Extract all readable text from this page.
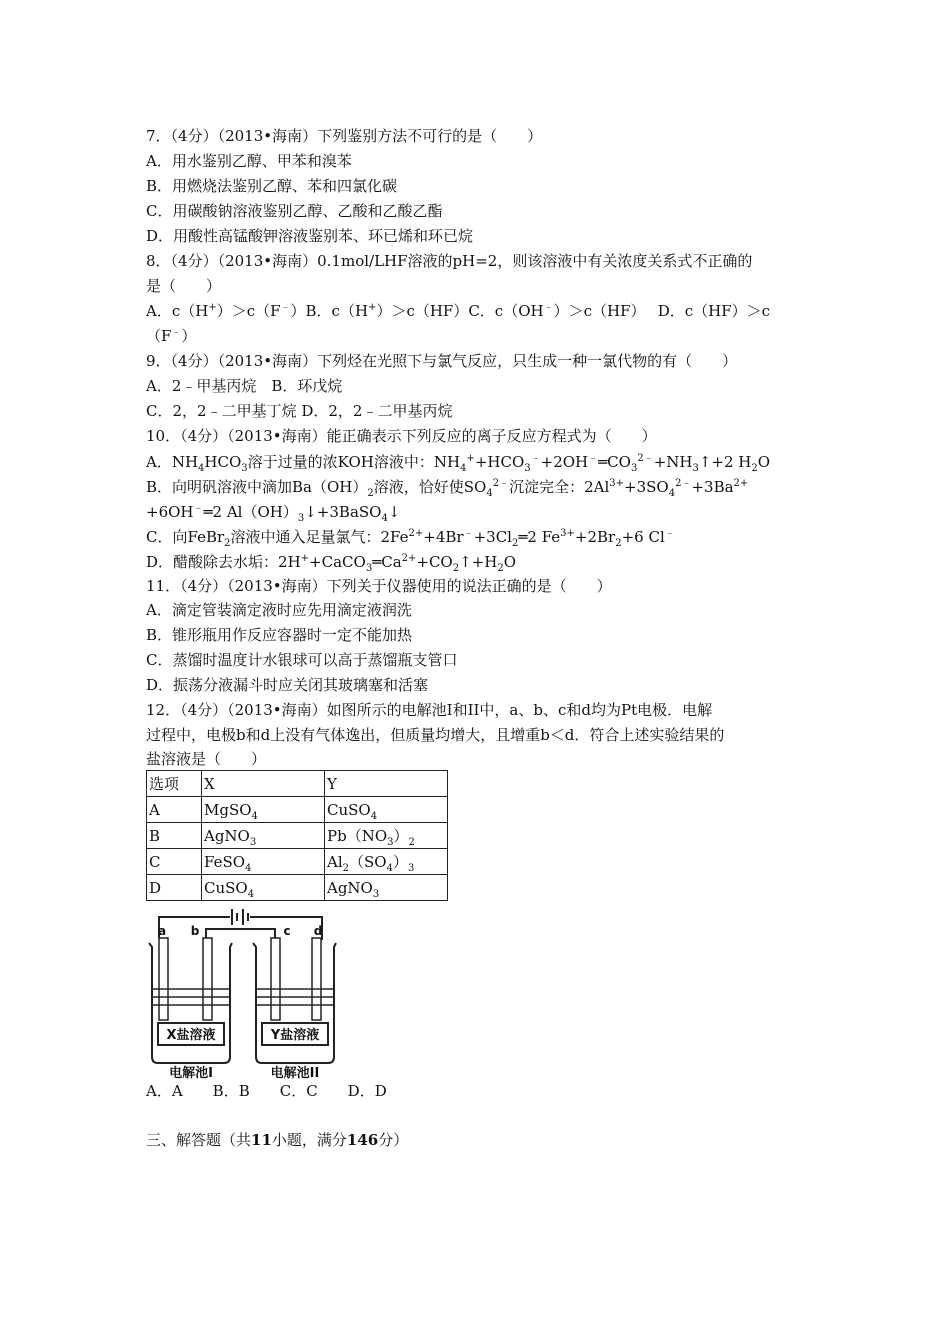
7．（4分）（2013•海南）下列鉴别方法不可行的是（　　）
A．用水鉴别乙醇、甲苯和溴苯
B．用燃烧法鉴别乙醇、苯和四氯化碳
C．用碳酸钠溶液鉴别乙醇、乙酸和乙酸乙酯
D．用酸性高锰酸钾溶液鉴别苯、环已烯和环已烷
8．（4分）（2013•海南）0.1mol/LHF溶液的pH=2，则该溶液中有关浓度关系式不正确的
是（　　）
A．c（H+）＞c（F﹣）B．c（H+）＞c（HF）C．c（OH﹣）＞c（HF）　 D．c（HF）＞c
（F﹣）
9．（4分）（2013•海南）下列烃在光照下与氯气反应，只生成一种一氯代物的有（　　）
A．2﹣甲基丙烷　B．环戊烷
C．2，2﹣二甲基丁烷 D．2，2﹣二甲基丙烷
10．（4分）（2013•海南）能正确表示下列反应的离子反应方程式为（　　）
A．$NH_4HCO_3$溶于过量的浓KOH溶液中：$NH_4^++HCO_3^﹣+2OH^﹣═CO_3^{2﹣}+NH_3↑+2$ $H_2O$
B．向明矾溶液中滴加$Ba(OH)_2$溶液，恰好使$SO_4^{2﹣}$沉淀完全：$2Al^{3+}+3SO_4^{2﹣}+3Ba^{2+}$
+6OH﹣═2 $Al(OH)_3↓+3BaSO_4↓$
C．向FeBr$_2$溶液中通入足量氯气：$2Fe^{2+}+4Br^﹣+3Cl_2═2$ $Fe^{3+}+2Br_2+6$ Cl﹣
D．醋酸除去水垢：$2H^++CaCO_3═Ca^{2+}+CO_2↑+H_2O$
11．（4分）（2013•海南）下列关于仪器使用的说法正确的是（　　）
A．滴定管装滴定液时应先用滴定液润洗
B．锥形瓶用作反应容器时一定不能加热
C．蒸馏时温度计水银球可以高于蒸馏瓶支管口
D．振荡分液漏斗时应关闭其玻璃塞和活塞
12．（4分）（2013•海南）如图所示的电解池I和II中，a、b、c和d均为Pt电极．电解
过程中，电极b和d上没有气体逸出，但质量均增大，且增重b＜d．符合上述实验结果的
盐溶液是（　　）
选项	X	Y
A	MgSO$_4$	CuSO$_4$
B	AgNO$_3$	$Pb(NO_3)_2$
C	FeSO$_4$	$Al_2(SO_4)_3$
D	CuSO$_4$	AgNO$_3$
a b	c d
X盐溶液	Y盐溶液
电解池I	电解池II
A．A　　B．B　　C．C　　D．D
三、解答题（共11小题，满分146分）
